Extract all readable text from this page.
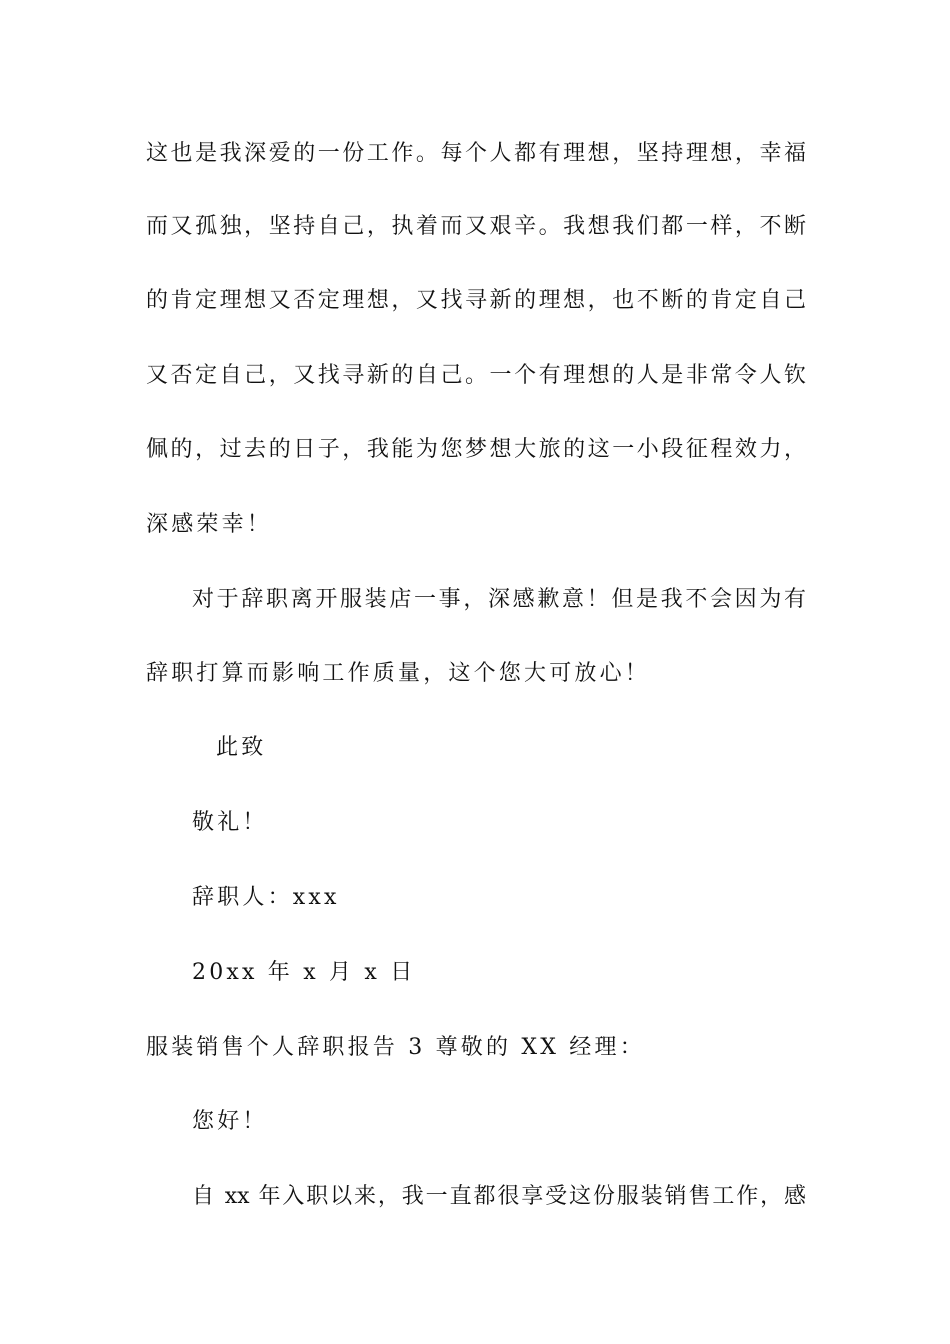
这也是我深爱的一份工作。每个人都有理想，坚持理想，幸福
而又孤独，坚持自己，执着而又艰辛。我想我们都一样，不断
的肯定理想又否定理想，又找寻新的理想，也不断的肯定自己
又否定自己，又找寻新的自己。一个有理想的人是非常令人钦
佩的，过去的日子，我能为您梦想大旅的这一小段征程效力，
深感荣幸！
对于辞职离开服装店一事，深感歉意！但是我不会因为有
辞职打算而影响工作质量，这个您大可放心！
此致
敬礼！
辞职人：xxx
20xx 年 x 月 x 日
服装销售个人辞职报告 3 尊敬的 XX 经理：
您好！
自 xx 年入职以来，我一直都很享受这份服装销售工作，感
